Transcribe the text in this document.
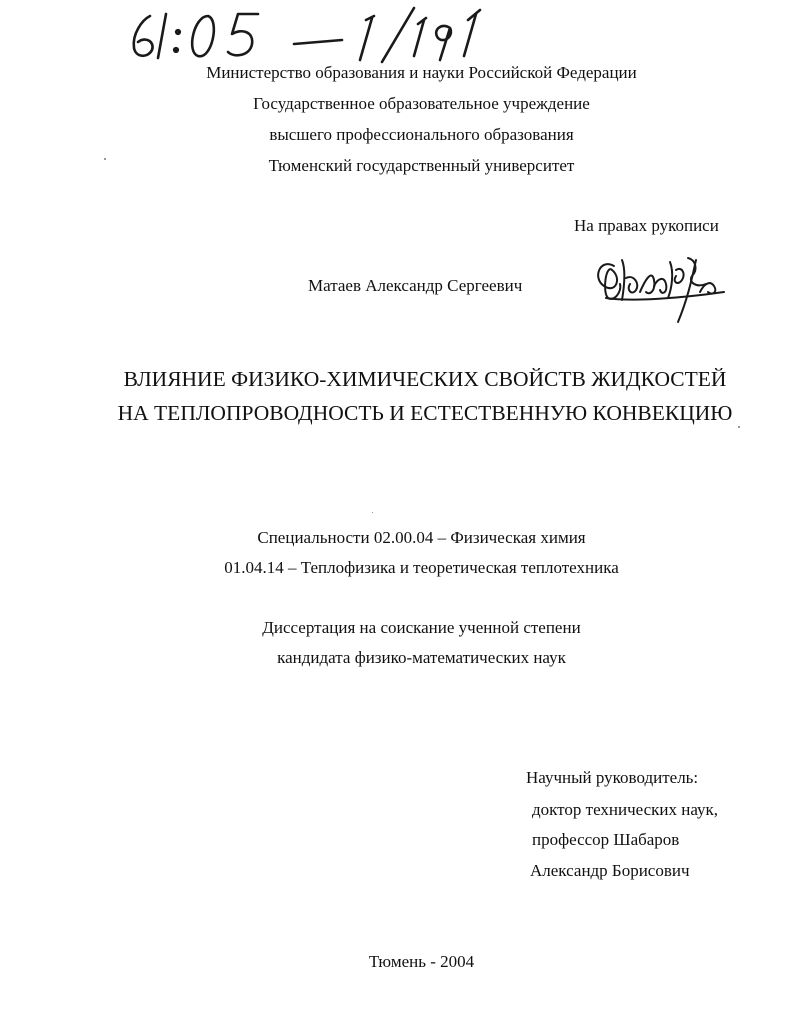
Министерство образования и науки Российской Федерации
Государственное образовательное учреждение
высшего профессионального образования
Тюменский государственный университет
На правах рукописи
Матаев Александр Сергеевич
ВЛИЯНИЕ ФИЗИКО-ХИМИЧЕСКИХ СВОЙСТВ ЖИДКОСТЕЙ
НА ТЕПЛОПРОВОДНОСТЬ И ЕСТЕСТВЕННУЮ КОНВЕКЦИЮ
Специальности 02.00.04 – Физическая химия
01.04.14 – Теплофизика и теоретическая теплотехника
Диссертация на соискание ученной степени
кандидата физико-математических наук
Научный руководитель:
доктор технических наук,
профессор Шабаров
Александр Борисович
Тюмень - 2004
